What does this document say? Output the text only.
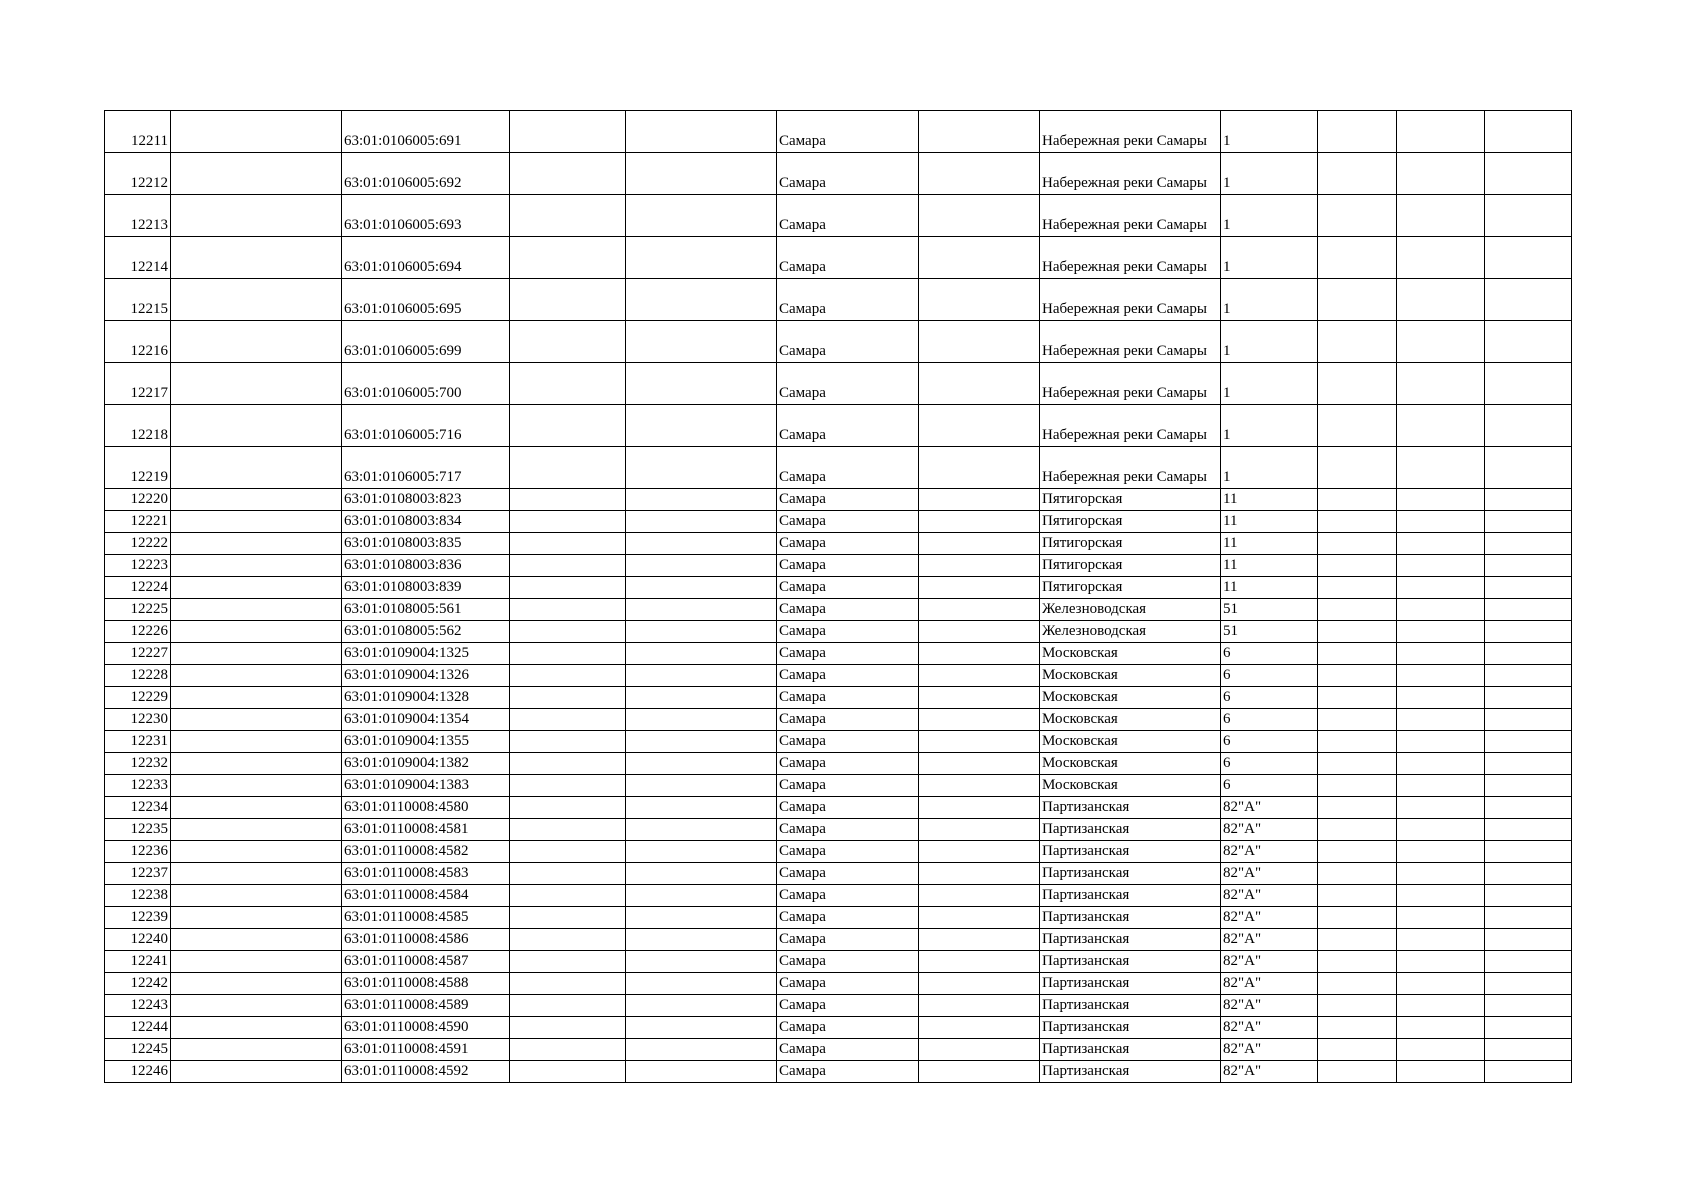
12211		63:01:0106005:691			Самара		Набережная реки Самары	1			
12212		63:01:0106005:692			Самара		Набережная реки Самары	1			
12213		63:01:0106005:693			Самара		Набережная реки Самары	1			
12214		63:01:0106005:694			Самара		Набережная реки Самары	1			
12215		63:01:0106005:695			Самара		Набережная реки Самары	1			
12216		63:01:0106005:699			Самара		Набережная реки Самары	1			
12217		63:01:0106005:700			Самара		Набережная реки Самары	1			
12218		63:01:0106005:716			Самара		Набережная реки Самары	1			
12219		63:01:0106005:717			Самара		Набережная реки Самары	1			
12220		63:01:0108003:823			Самара		Пятигорская	11			
12221		63:01:0108003:834			Самара		Пятигорская	11			
12222		63:01:0108003:835			Самара		Пятигорская	11			
12223		63:01:0108003:836			Самара		Пятигорская	11			
12224		63:01:0108003:839			Самара		Пятигорская	11			
12225		63:01:0108005:561			Самара		Железноводская	51			
12226		63:01:0108005:562			Самара		Железноводская	51			
12227		63:01:0109004:1325			Самара		Московская	6			
12228		63:01:0109004:1326			Самара		Московская	6			
12229		63:01:0109004:1328			Самара		Московская	6			
12230		63:01:0109004:1354			Самара		Московская	6			
12231		63:01:0109004:1355			Самара		Московская	6			
12232		63:01:0109004:1382			Самара		Московская	6			
12233		63:01:0109004:1383			Самара		Московская	6			
12234		63:01:0110008:4580			Самара		Партизанская	82"А"			
12235		63:01:0110008:4581			Самара		Партизанская	82"А"			
12236		63:01:0110008:4582			Самара		Партизанская	82"А"			
12237		63:01:0110008:4583			Самара		Партизанская	82"А"			
12238		63:01:0110008:4584			Самара		Партизанская	82"А"			
12239		63:01:0110008:4585			Самара		Партизанская	82"А"			
12240		63:01:0110008:4586			Самара		Партизанская	82"А"			
12241		63:01:0110008:4587			Самара		Партизанская	82"А"			
12242		63:01:0110008:4588			Самара		Партизанская	82"А"			
12243		63:01:0110008:4589			Самара		Партизанская	82"А"			
12244		63:01:0110008:4590			Самара		Партизанская	82"А"			
12245		63:01:0110008:4591			Самара		Партизанская	82"А"			
12246		63:01:0110008:4592			Самара		Партизанская	82"А"			
